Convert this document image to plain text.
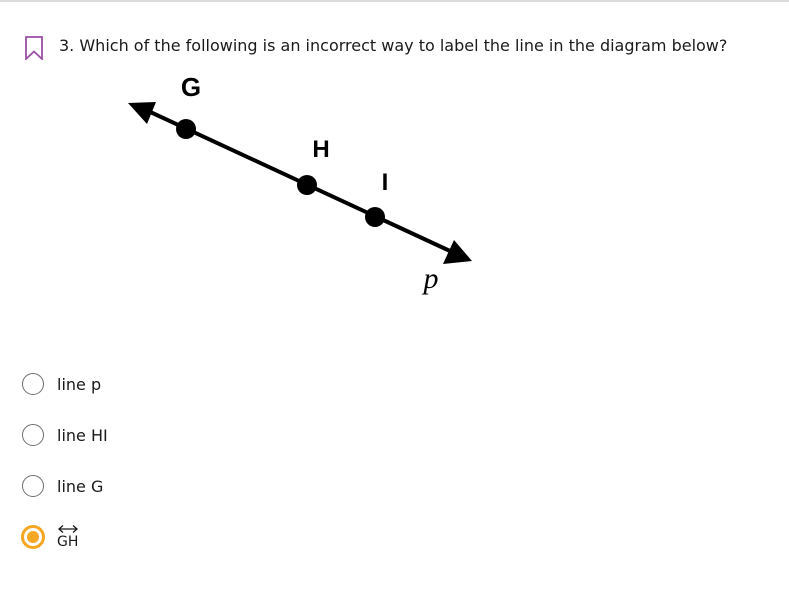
3. Which of the following is an incorrect way to label the line in the diagram below?
G
H
I
p
line p
line HI
line G
GH
